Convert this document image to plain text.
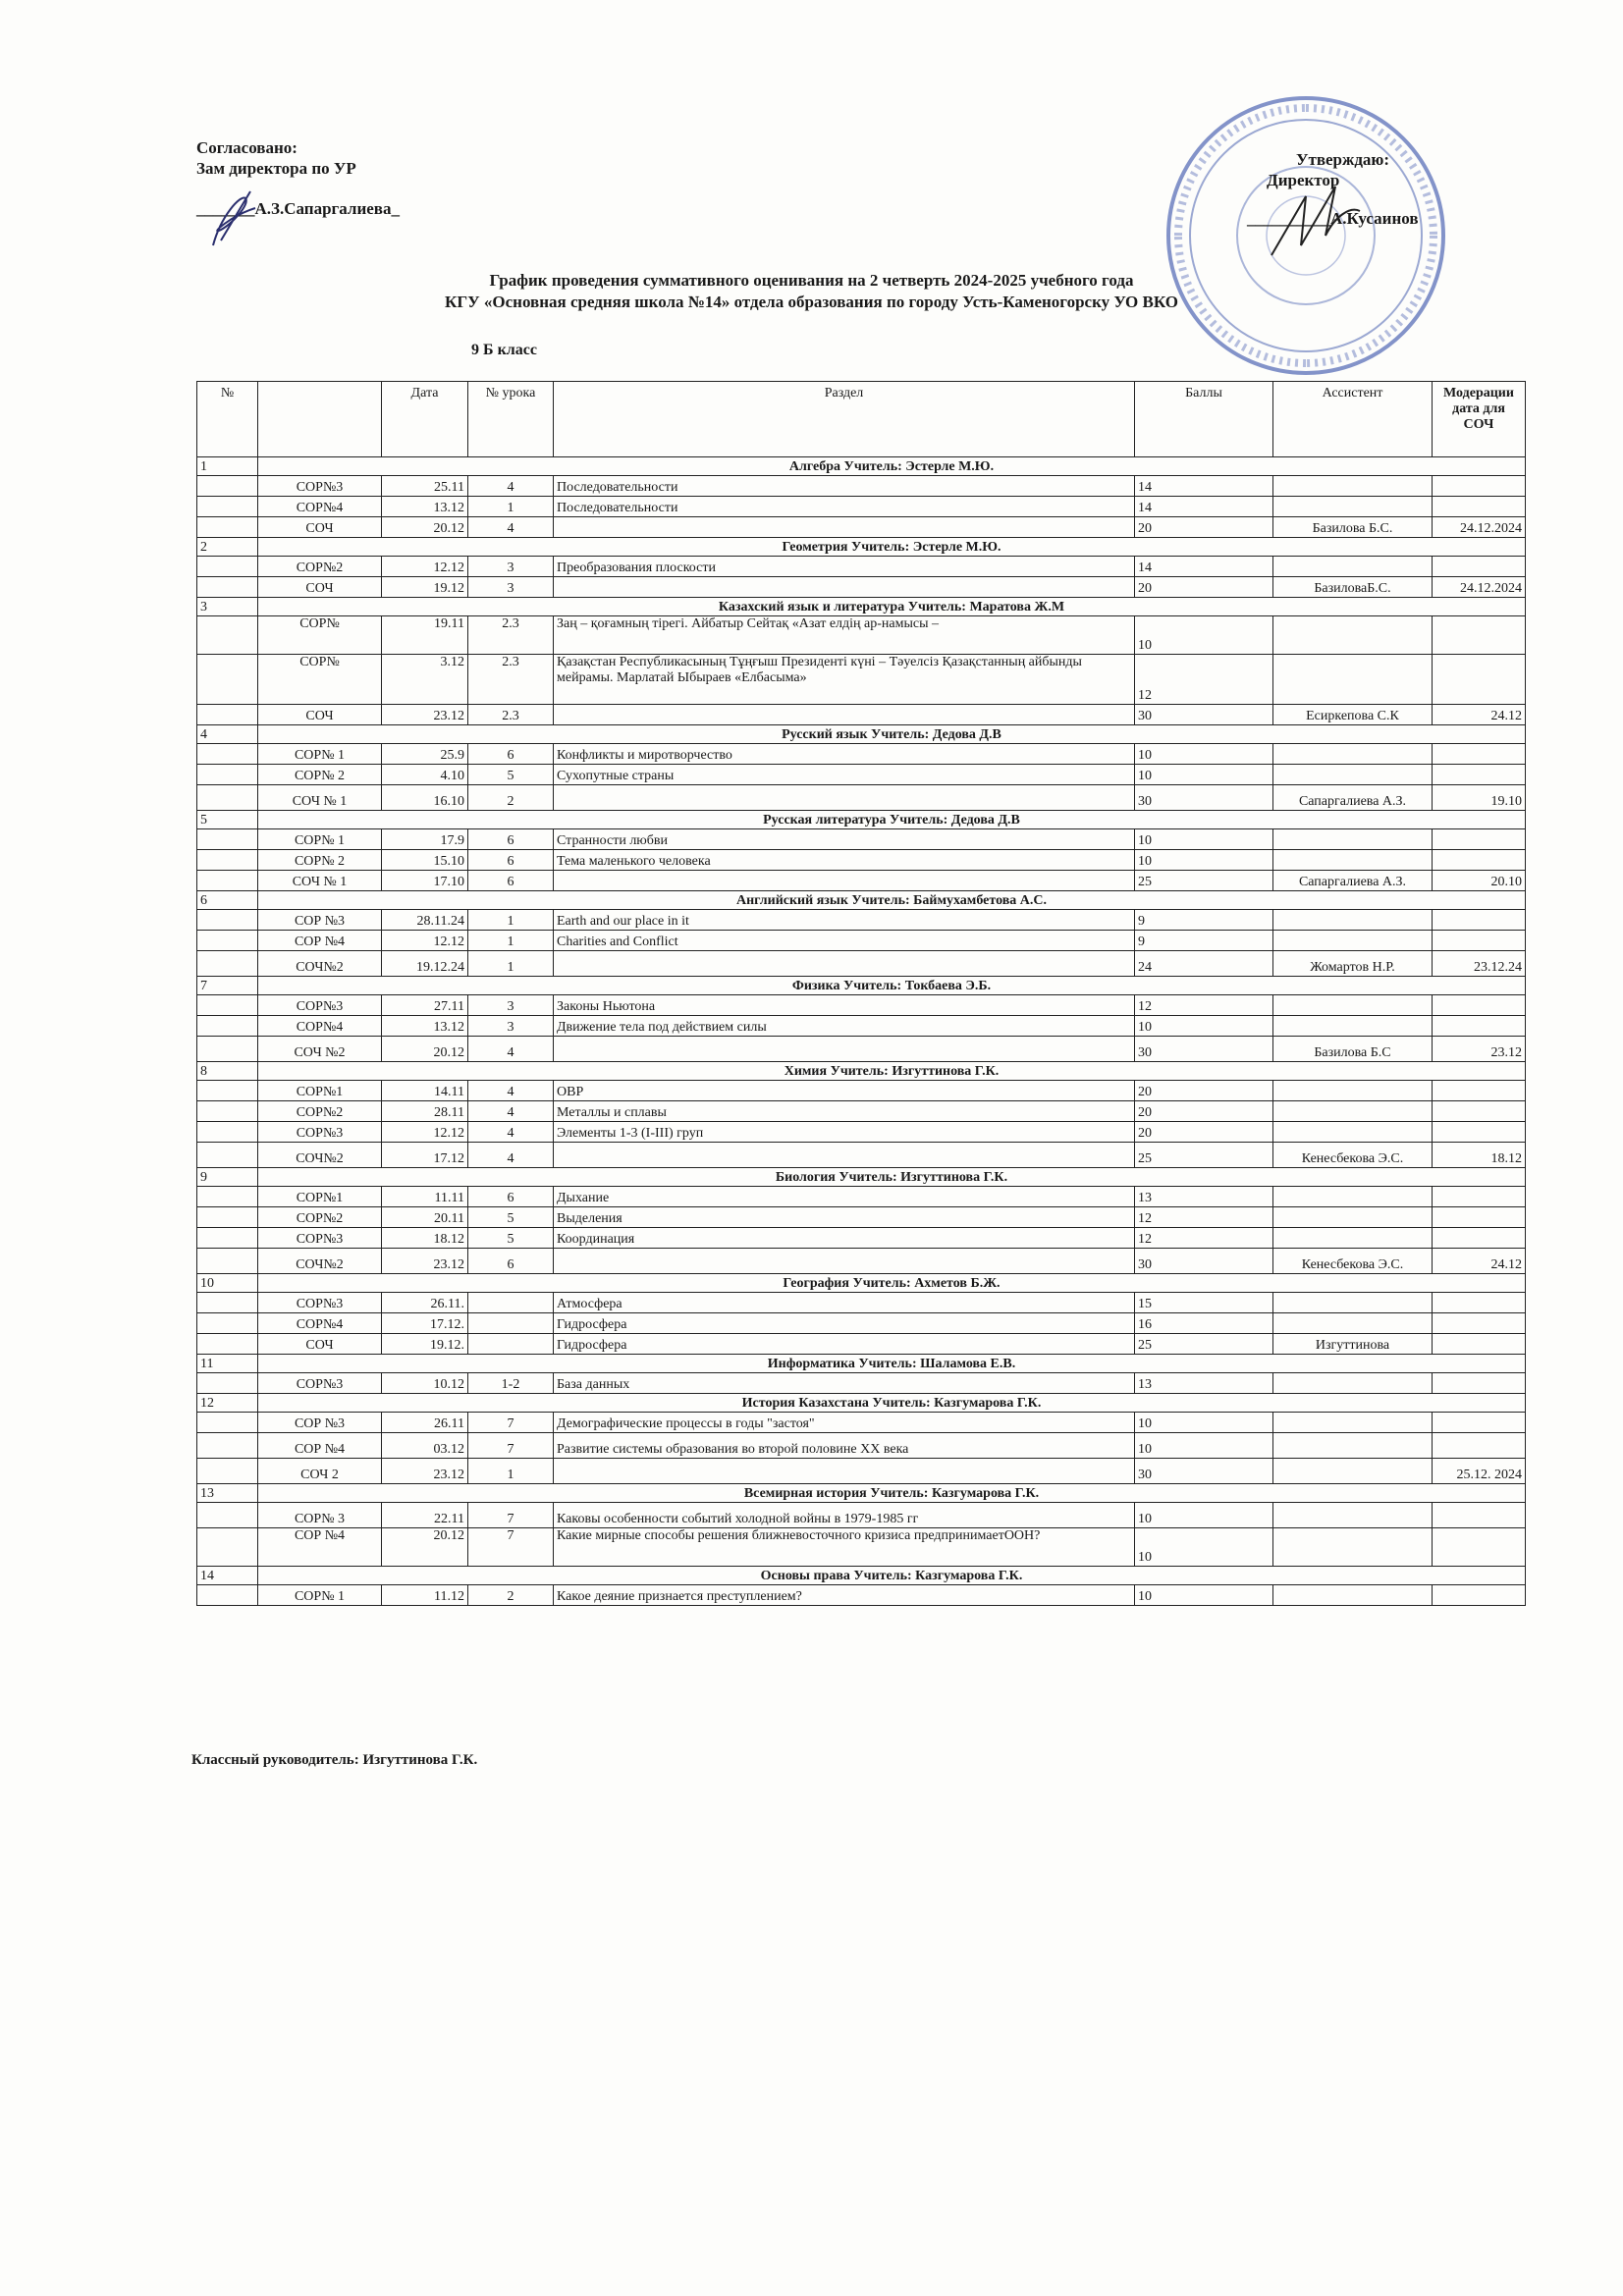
Согласовано:
Зам директора по УР
_______А.З.Сапаргалиева_
Утверждаю:
Директор
__________А.Кусаинов
График проведения суммативного оценивания на 2 четверть 2024-2025 учебного года
КГУ «Основная средняя школа №14» отдела образования по городу Усть-Каменогорску УО ВКО
9 Б класс
№		Дата	№ урока	Раздел	Баллы	Ассистент	Модерации дата для СОЧ
1	Алгебра Учитель: Эстерле М.Ю.						
	СОР№3	25.11	4	Последовательности	14		
	СОР№4	13.12	1	Последовательности	14		
	СОЧ	20.12	4		20	Базилова Б.С.	24.12.2024
2	Геометрия Учитель: Эстерле М.Ю.						
	СОР№2	12.12	3	Преобразования плоскости	14		
	СОЧ	19.12	3		20	БазиловаБ.С.	24.12.2024
3	Казахский язык и литература Учитель: Маратова Ж.М						
	СОР№	19.11	2.3	Заң – қоғамның тірегі. Айбатыр Сейтақ «Азат елдің ар-намысы –	10		
	СОР№	3.12	2.3	Қазақстан Республикасының Тұңғыш Президенті күні – Тәуелсіз Қазақстанның айбынды мейрамы. Марлатай Ыбыраев «Елбасыма»	12		
	СОЧ	23.12	2.3		30	Есиркепова С.К	24.12
4	Русский язык Учитель: Дедова Д.В						
	СОР№ 1	25.9	6	Конфликты и миротворчество	10		
	СОР№ 2	4.10	5	Сухопутные страны	10		
	СОЧ № 1	16.10	2		30	Сапаргалиева А.З.	19.10
5	Русская литература Учитель: Дедова Д.В						
	СОР№ 1	17.9	6	Странности любви	10		
	СОР№ 2	15.10	6	Тема маленького человека	10		
	СОЧ № 1	17.10	6		25	Сапаргалиева А.З.	20.10
6	Английский язык Учитель: Баймухамбетова А.С.						
	СОР №3	28.11.24	1	Earth and our place in it	9		
	СОР №4	12.12	1	Charities and Conflict	9		
	СОЧ№2	19.12.24	1		24	Жомартов Н.Р.	23.12.24
7	Физика Учитель: Токбаева Э.Б.						
	СОР№3	27.11	3	Законы Ньютона	12		
	СОР№4	13.12	3	Движение тела под действием силы	10		
	СОЧ №2	20.12	4		30	Базилова Б.С	23.12
8	Химия Учитель: Изгуттинова Г.К.						
	СОР№1	14.11	4	ОВР	20		
	СОР№2	28.11	4	Металлы и сплавы	20		
	СОР№3	12.12	4	Элементы 1-3 (I-III) груп	20		
	СОЧ№2	17.12	4		25	Кенесбекова Э.С.	18.12
9	Биология Учитель: Изгуттинова Г.К.						
	СОР№1	11.11	6	Дыхание	13		
	СОР№2	20.11	5	Выделения	12		
	СОР№3	18.12	5	Координация	12		
	СОЧ№2	23.12	6		30	Кенесбекова Э.С.	24.12
10	География Учитель: Ахметов Б.Ж.						
	СОР№3	26.11.		Атмосфера	15		
	СОР№4	17.12.		Гидросфера	16		
	СОЧ	19.12.		Гидросфера	25	Изгуттинова	
11	Информатика Учитель: Шаламова Е.В.						
	СОР№3	10.12	1-2	База данных	13		
12	История Казахстана Учитель: Казгумарова Г.К.						
	СОР №3	26.11	7	Демографические процессы в годы "застоя"	10		
	СОР №4	03.12	7	Развитие системы образования во второй половине XX века	10		
	СОЧ 2	23.12	1		30		25.12. 2024
13	Всемирная история Учитель: Казгумарова Г.К.						
	СОР№ 3	22.11	7	Каковы особенности событий холодной войны в 1979-1985 гг	10		
	СОР №4	20.12	7	Какие мирные способы решения ближневосточного кризиса предпринимаетООН?	10		
14	Основы права Учитель: Казгумарова Г.К.						
	СОР№ 1	11.12	2	Какое деяние признается преступлением?	10		
Классный руководитель: Изгуттинова Г.К.
